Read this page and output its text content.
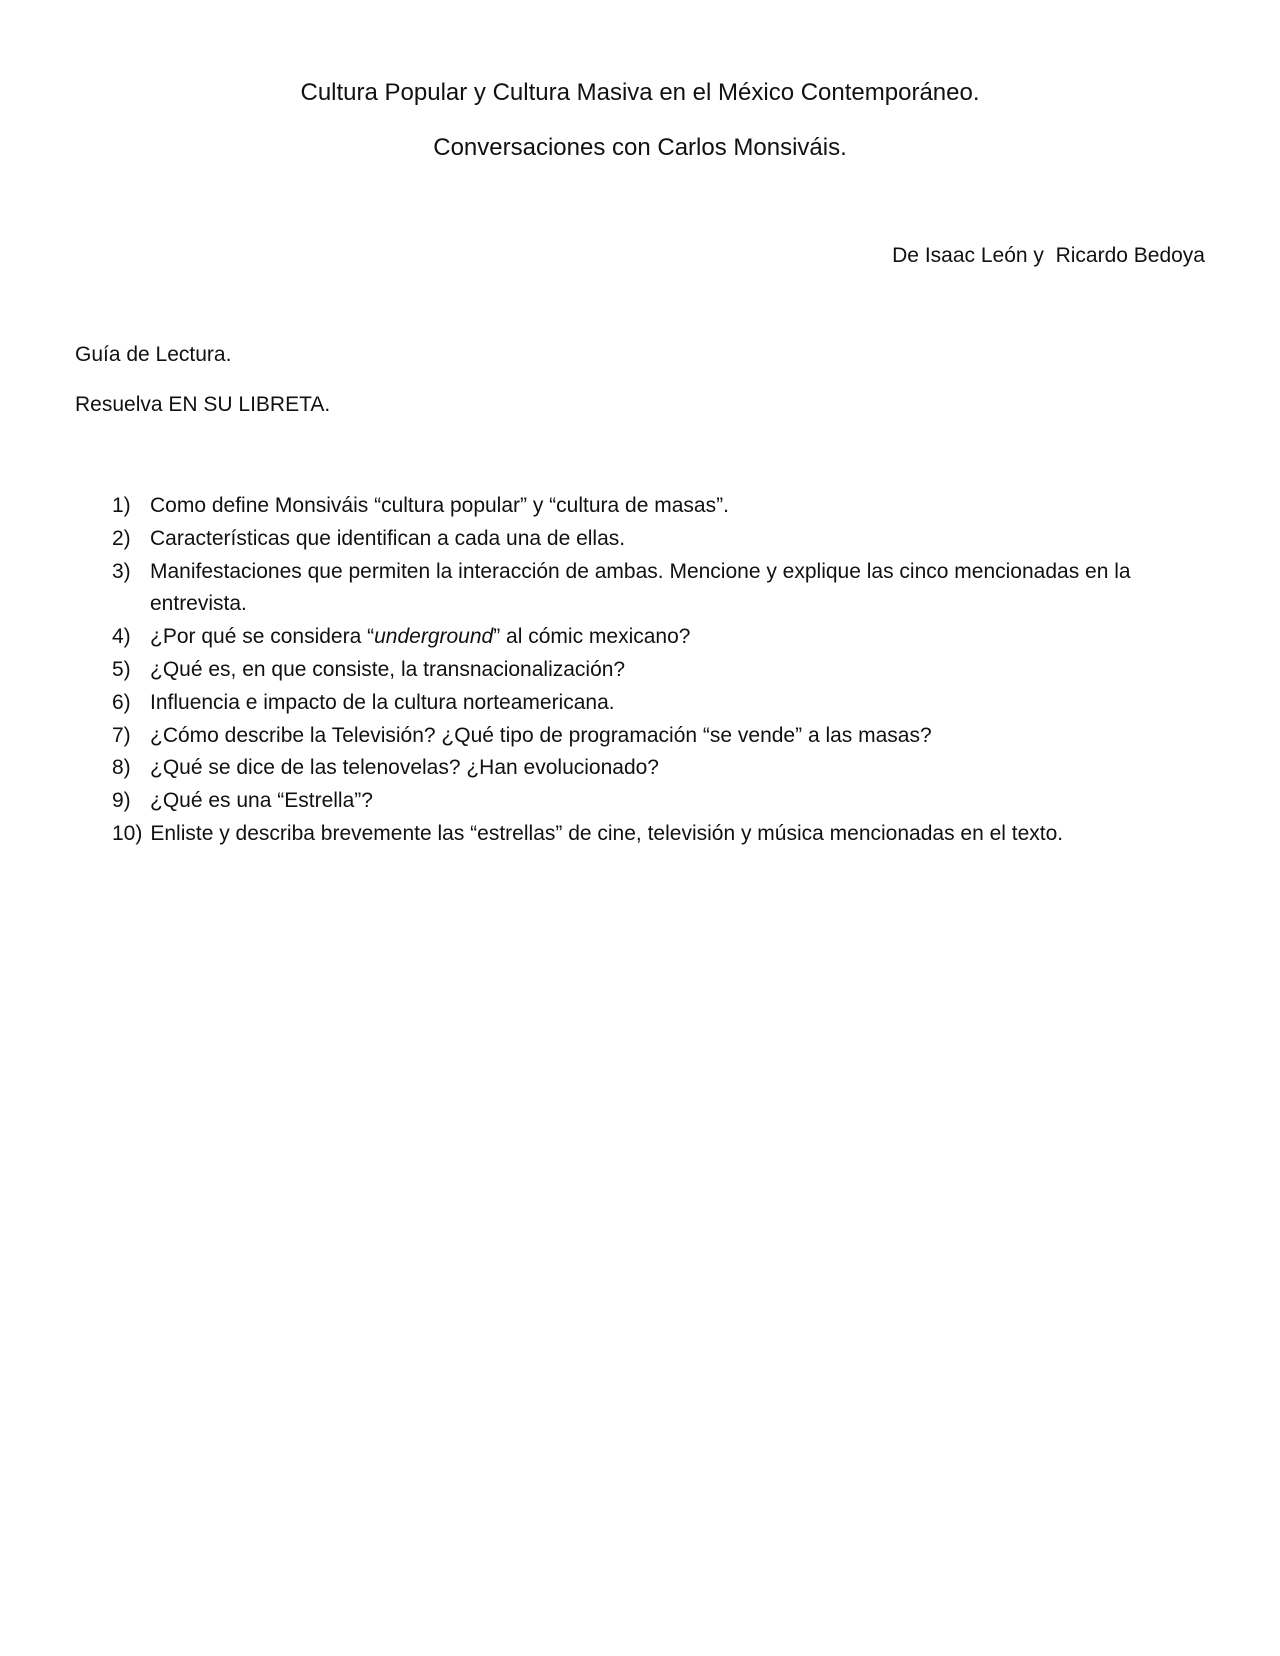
Cultura Popular y Cultura Masiva en el México Contemporáneo.
Conversaciones con Carlos Monsiváis.
De Isaac León y  Ricardo Bedoya

Guía de Lectura.

Resuelva EN SU LIBRETA.

1) Como define Monsiváis “cultura popular” y “cultura de masas”.
2) Características que identifican a cada una de ellas.
3) Manifestaciones que permiten la interacción de ambas. Mencione y explique las cinco mencionadas en la entrevista.
4) ¿Por qué se considera “underground” al cómic mexicano?
5) ¿Qué es, en que consiste, la transnacionalización?
6) Influencia e impacto de la cultura norteamericana.
7) ¿Cómo describe la Televisión? ¿Qué tipo de programación “se vende” a las masas?
8) ¿Qué se dice de las telenovelas? ¿Han evolucionado?
9) ¿Qué es una “Estrella”?
10) Enliste y describa brevemente las “estrellas” de cine, televisión y música mencionadas en el texto.
